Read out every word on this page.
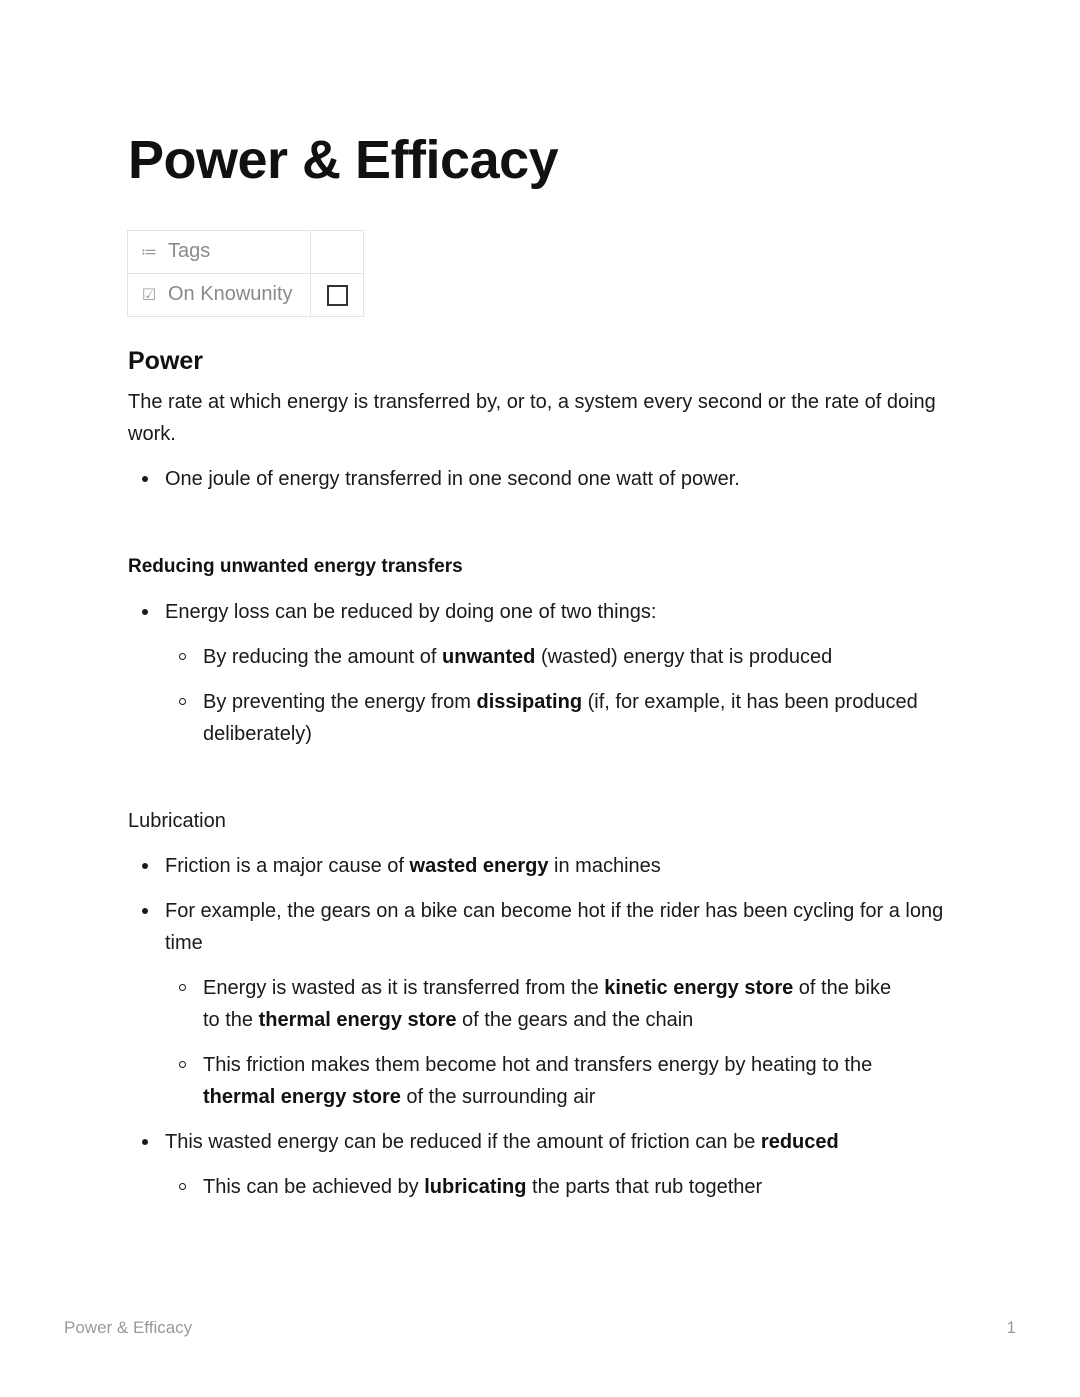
Power & Efficacy
≔ Tags	
☑ On Knowunity	
Power

The rate at which energy is transferred by, or to, a system every second or the rate of doing work.

One joule of energy transferred in one second one watt of power.
Reducing unwanted energy transfers
Energy loss can be reduced by doing one of two things:
By reducing the amount of unwanted (wasted) energy that is produced
By preventing the energy from dissipating (if, for example, it has been produced deliberately)

Lubrication

Friction is a major cause of wasted energy in machines
For example, the gears on a bike can become hot if the rider has been cycling for a long time
Energy is wasted as it is transferred from the kinetic energy store of the bike to the thermal energy store of the gears and the chain
This friction makes them become hot and transfers energy by heating to the thermal energy store of the surrounding air
This wasted energy can be reduced if the amount of friction can be reduced
This can be achieved by lubricating the parts that rub together
Power & Efficacy	1
